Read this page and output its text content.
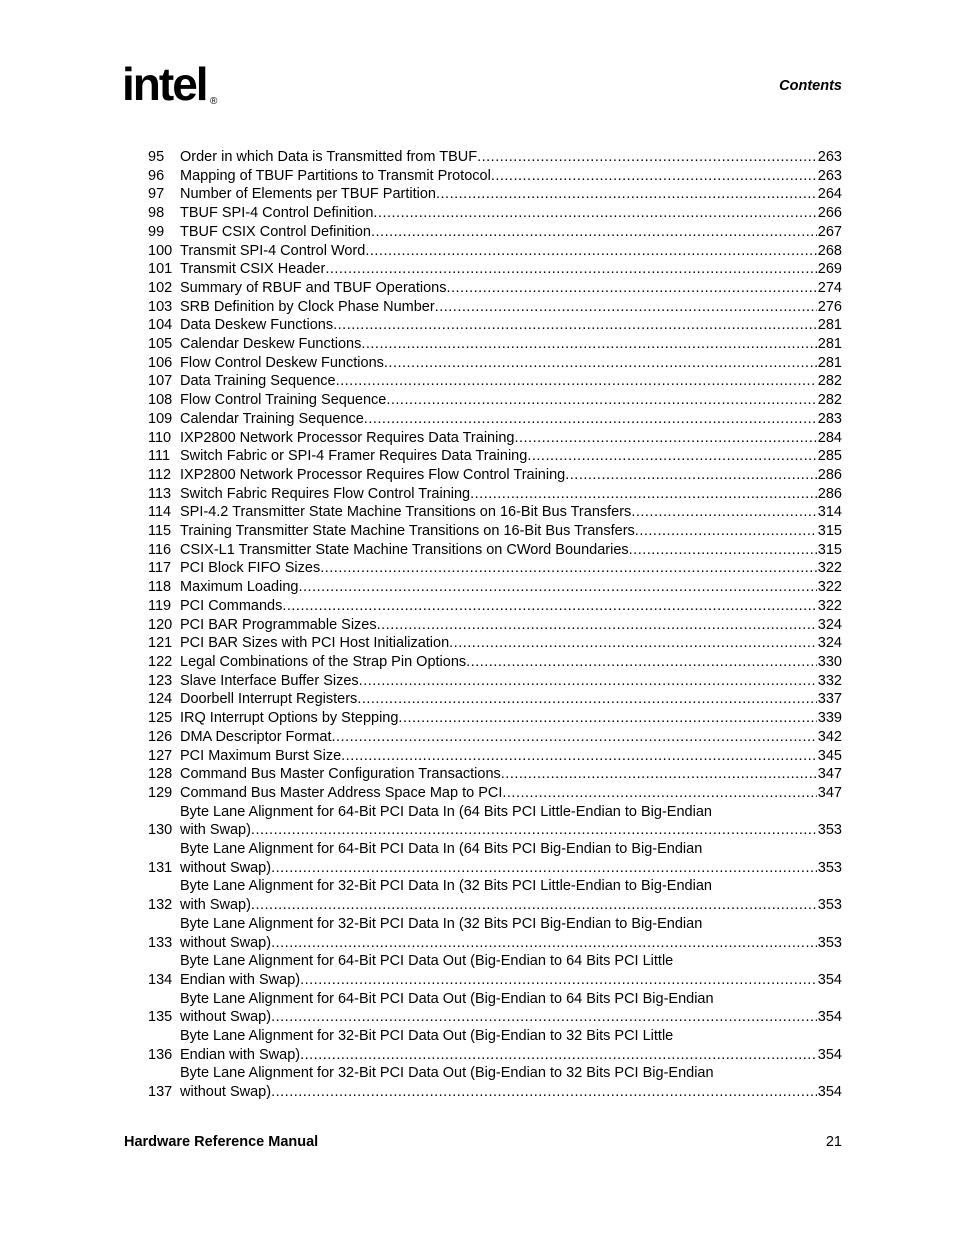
intel ®
Contents
95	Order in which Data is Transmitted from TBUF .....	263
96	Mapping of TBUF Partitions to Transmit Protocol .....	263
97	Number of Elements per TBUF Partition .....	264
98	TBUF SPI-4 Control Definition .....	266
99	TBUF CSIX Control Definition .....	267
100 Transmit SPI-4 Control Word .....	268
101 Transmit CSIX Header .....	269
102 Summary of RBUF and TBUF Operations .....	274
103 SRB Definition by Clock Phase Number .....	276
104 Data Deskew Functions .....	281
105 Calendar Deskew Functions .....	281
106 Flow Control Deskew Functions .....	281
107 Data Training Sequence .....	282
108 Flow Control Training Sequence .....	282
109 Calendar Training Sequence .....	283
110 IXP2800 Network Processor Requires Data Training .....	284
111 Switch Fabric or SPI-4 Framer Requires Data Training .....	285
112 IXP2800 Network Processor Requires Flow Control Training .....	286
113 Switch Fabric Requires Flow Control Training .....	286
114 SPI-4.2 Transmitter State Machine Transitions on 16-Bit Bus Transfers .....	314
115 Training Transmitter State Machine Transitions on 16-Bit Bus Transfers .....	315
116 CSIX-L1 Transmitter State Machine Transitions on CWord Boundaries .....	315
117 PCI Block FIFO Sizes .....	322
118 Maximum Loading .....	322
119 PCI Commands .....	322
120 PCI BAR Programmable Sizes .....	324
121 PCI BAR Sizes with PCI Host Initialization .....	324
122 Legal Combinations of the Strap Pin Options .....	330
123 Slave Interface Buffer Sizes .....	332
124 Doorbell Interrupt Registers .....	337
125 IRQ Interrupt Options by Stepping .....	339
126 DMA Descriptor Format .....	342
127 PCI Maximum Burst Size .....	345
128 Command Bus Master Configuration Transactions .....	347
129 Command Bus Master Address Space Map to PCI .....	347
130
Byte Lane Alignment for 64-Bit PCI Data In (64 Bits PCI Little-Endian to Big-Endian
with Swap) .....	353
131
Byte Lane Alignment for 64-Bit PCI Data In (64 Bits PCI Big-Endian to Big-Endian
without Swap) .....	353
132
Byte Lane Alignment for 32-Bit PCI Data In (32 Bits PCI Little-Endian to Big-Endian
with Swap) .....	353
133
Byte Lane Alignment for 32-Bit PCI Data In (32 Bits PCI Big-Endian to Big-Endian
without Swap) .....	353
134
Byte Lane Alignment for 64-Bit PCI Data Out (Big-Endian to 64 Bits PCI Little
Endian with Swap) .....	354
135
Byte Lane Alignment for 64-Bit PCI Data Out (Big-Endian to 64 Bits PCI Big-Endian
without Swap) .....	354
136
Byte Lane Alignment for 32-Bit PCI Data Out (Big-Endian to 32 Bits PCI Little
Endian with Swap) .....	354
137
Byte Lane Alignment for 32-Bit PCI Data Out (Big-Endian to 32 Bits PCI Big-Endian
without Swap) .....	354
Hardware Reference Manual	21
